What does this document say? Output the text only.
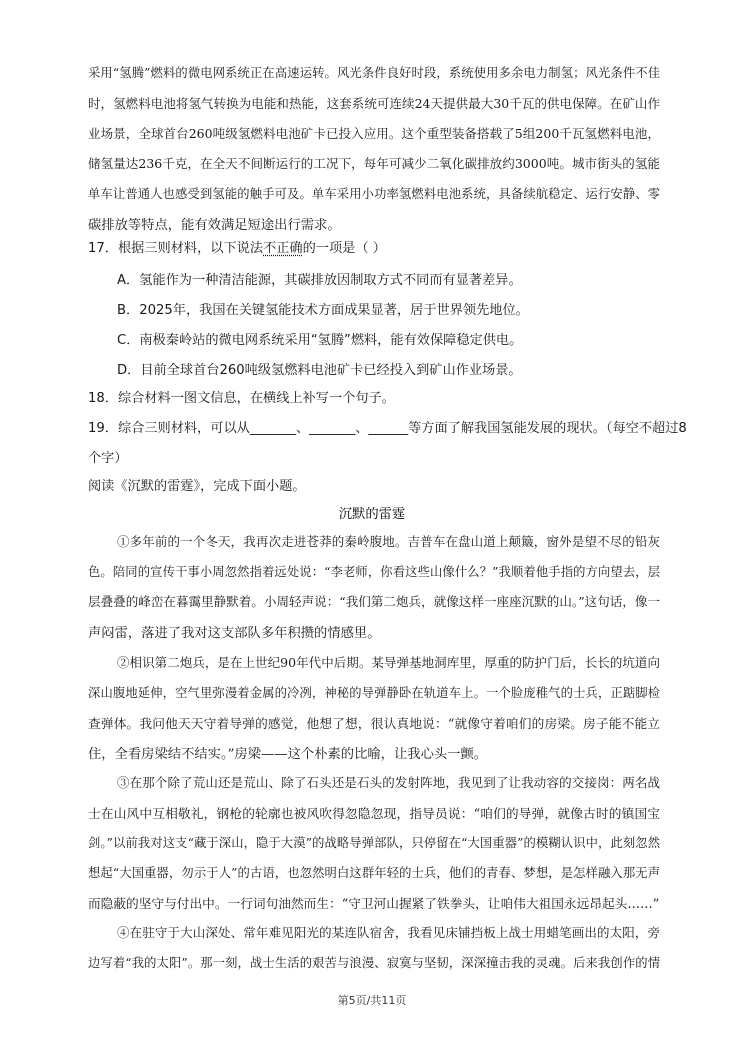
采用“氢腾”燃料的微电网系统正在高速运转。风光条件良好时段，系统使用多余电力制氢；风光条件不佳
时，氢燃料电池将氢气转换为电能和热能，这套系统可连续24天提供最大30千瓦的供电保障。在矿山作
业场景，全球首台260吨级氢燃料电池矿卡已投入应用。这个重型装备搭载了5组200千瓦氢燃料电池，
储氢量达236千克，在全天不间断运行的工况下，每年可减少二氧化碳排放约3000吨。城市街头的氢能
单车让普通人也感受到氢能的触手可及。单车采用小功率氢燃料电池系统，具备续航稳定、运行安静、零
碳排放等特点，能有效满足短途出行需求。
17．根据三则材料，以下说法不正确的一项是（ ）
A．氢能作为一种清洁能源，其碳排放因制取方式不同而有显著差异。
B．2025年，我国在关键氢能技术方面成果显著，居于世界领先地位。
C．南极秦岭站的微电网系统采用“氢腾”燃料，能有效保障稳定供电。
D．目前全球首台260吨级氢燃料电池矿卡已经投入到矿山作业场景。
18．综合材料一图文信息，在横线上补写一个句子。
19．综合三则材料，可以从_______、_______、______等方面了解我国氢能发展的现状。（每空不超过8
个字）
阅读《沉默的雷霆》，完成下面小题。
沉默的雷霆
①多年前的一个冬天，我再次走进苍莽的秦岭腹地。吉普车在盘山道上颠簸，窗外是望不尽的铅灰
色。陪同的宣传干事小周忽然指着远处说：“李老师，你看这些山像什么？”我顺着他手指的方向望去，层
层叠叠的峰峦在暮霭里静默着。小周轻声说：“我们第二炮兵，就像这样一座座沉默的山。”这句话，像一
声闷雷，落进了我对这支部队多年积攒的情感里。
②相识第二炮兵，是在上世纪90年代中后期。某导弹基地洞库里，厚重的防护门后，长长的坑道向
深山腹地延伸，空气里弥漫着金属的冷冽，神秘的导弹静卧在轨道车上。一个脸庞稚气的士兵，正踮脚检
查弹体。我问他天天守着导弹的感觉，他想了想，很认真地说：“就像守着咱们的房梁。房子能不能立
住，全看房梁结不结实。”房梁——这个朴素的比喻，让我心头一颤。
③在那个除了荒山还是荒山、除了石头还是石头的发射阵地，我见到了让我动容的交接岗：两名战
士在山风中互相敬礼，钢枪的轮廓也被风吹得忽隐忽现，指导员说：“咱们的导弹，就像古时的镇国宝
剑。”以前我对这支“藏于深山，隐于大漠”的战略导弹部队，只停留在“大国重器”的模糊认识中，此刻忽然
想起“大国重器，勿示于人”的古语，也忽然明白这群年轻的士兵，他们的青春、梦想，是怎样融入那无声
而隐蔽的坚守与付出中。一行词句油然而生：“守卫河山握紧了铁拳头，让咱伟大祖国永远昂起头……”
④在驻守于大山深处、常年难见阳光的某连队宿舍，我看见床铺挡板上战士用蜡笔画出的太阳，旁
边写着“我的太阳”。那一刻，战士生活的艰苦与浪漫、寂寞与坚韧，深深撞击我的灵魂。后来我创作的情
第5页/共11页
